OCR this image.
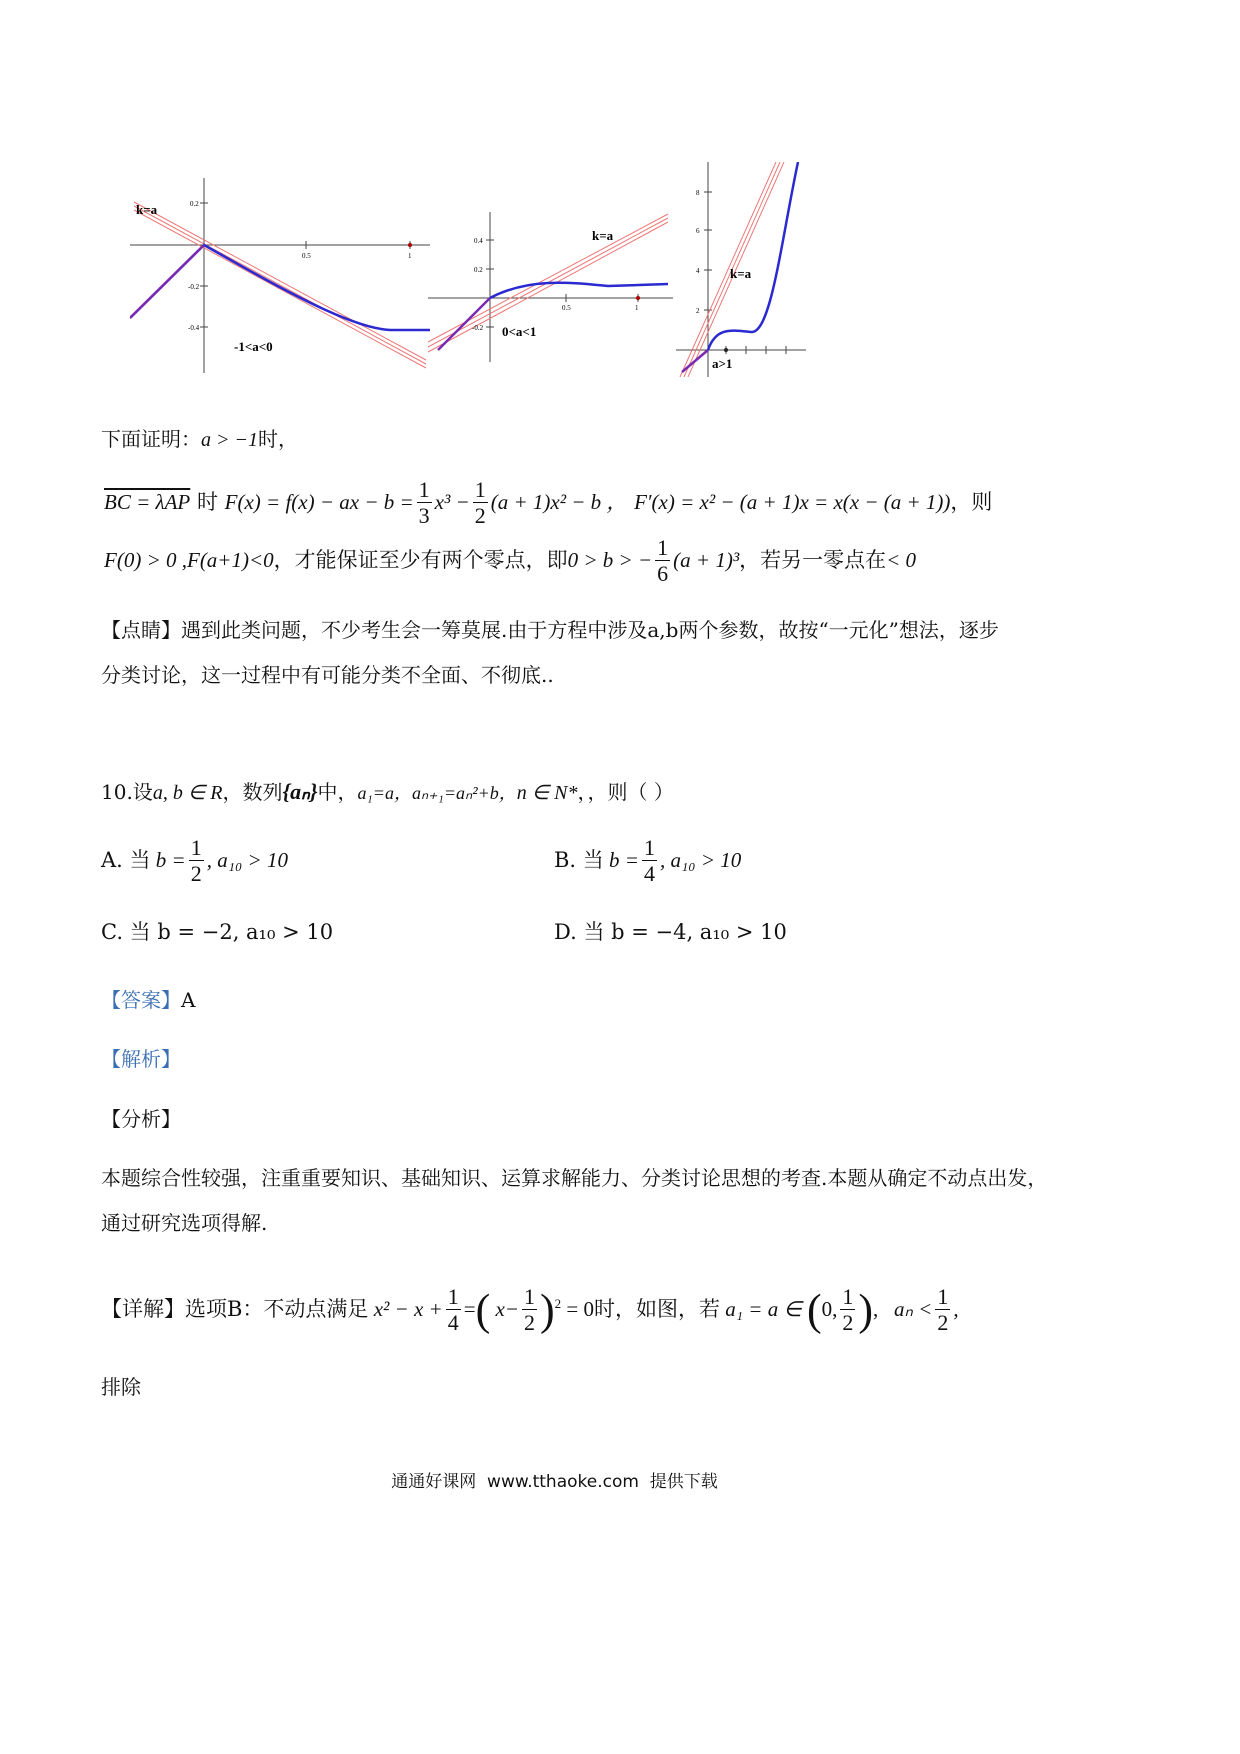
k=a	0.2
-0.2
-0.4
0.5	1
-1<a<0
k=a
0.4
0.2
-0.2
0.5	1
0<a<1
k=a
8
6
4
2
a>1
下面证明：a > −1时，
BC = λAP 时 F(x) = f(x) − ax − $b = \frac{1}{3} x^3 - \frac{1}{2} (a + 1)x^2 - b$ ， F′(x) = x² − (a + 1)x = x(x − (a + 1))，则
F(0) > 0 ,F(a+1)<0，才能保证至少有两个零点，即0 > b > − $\frac{1}{6} (a + 1)^3$，若另一零点在< 0
【点睛】遇到此类问题，不少考生会一筹莫展.由于方程中涉及a,b两个参数，故按“一元化”想法，逐步
分类讨论，这一过程中有可能分类不全面、不彻底..
10.设a, b ∈ R，数列{aₙ}中，a₁=a，aₙ₊₁=aₙ²+b，n ∈ N*，，则（ ）
A. 当 $b = \frac{1}{2}$ , a₁₀ > 10	B. 当 $b = \frac{1}{4}$ , a₁₀ > 10
C. 当 b = −2, a₁₀ > 10	D. 当 b = −4, a₁₀ > 10
【答案】A
【解析】
【分析】
本题综合性较强，注重重要知识、基础知识、运算求解能力、分类讨论思想的考查.本题从确定不动点出发，
通过研究选项得解.
【详解】选项B：不动点满足 $x^2 - x + \frac{1}{4}$ =( $x- \frac{1}{2} )^2 = 0$时，如图，若 a₁ = a ∈ (0, $\frac{1}{2}$ ),   $a_n < \frac{1}{2}$ ,
排除
通通好课网  www.tthaoke.com  提供下载
